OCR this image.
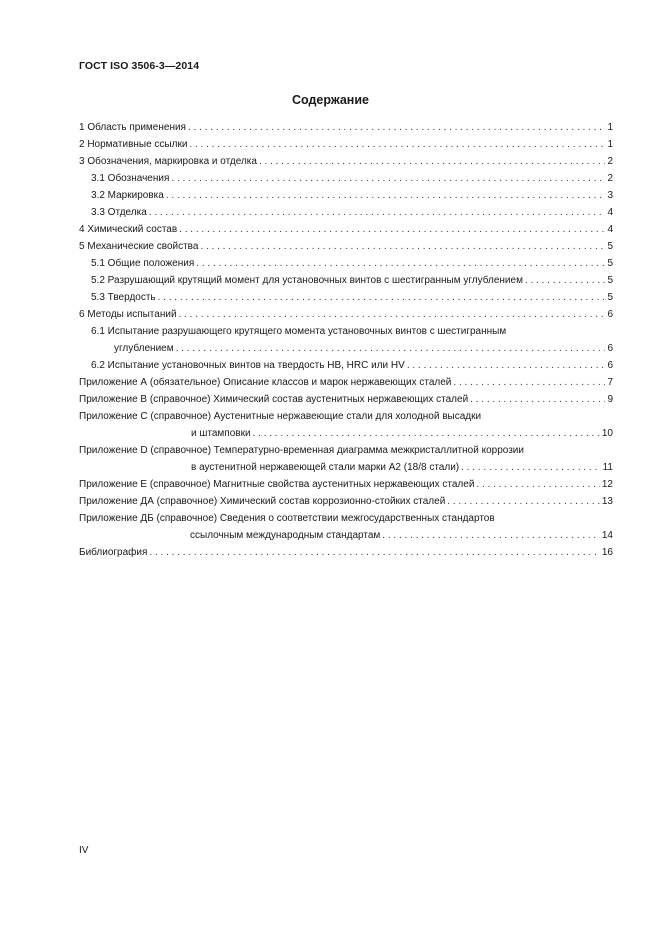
ГОСТ ISO 3506-3—2014
Содержание
1 Область применения . . .	1
2 Нормативные ссылки . . .	1
3 Обозначения, маркировка и отделка . . .	2
3.1 Обозначения . . .	2
3.2 Маркировка . . .	3
3.3 Отделка . . .	4
4 Химический состав . . .	4
5 Механические свойства . . .	5
5.1 Общие положения . . .	5
5.2 Разрушающий крутящий момент для установочных винтов с шестигранным углублением . . .	5
5.3 Твердость . . .	5
6 Методы испытаний . . .	6
6.1 Испытание разрушающего крутящего момента установочных винтов с шестигранным
углублением . . .	6
6.2 Испытание установочных винтов на твердость HB, HRC или HV . . .	6
Приложение А (обязательное) Описание классов и марок нержавеющих сталей . . .	7
Приложение В (справочное) Химический состав аустенитных нержавеющих сталей . . .	9
Приложение С (справочное) Аустенитные нержавеющие стали для холодной высадки
и штамповки . . .	10
Приложение D (справочное) Температурно-временная диаграмма межкристаллитной коррозии
в аустенитной нержавеющей стали марки А2 (18/8 стали) . . .	11
Приложение Е (справочное) Магнитные свойства аустенитных нержавеющих сталей . . .	12
Приложение ДА (справочное) Химический состав коррозионно-стойких сталей . . .	13
Приложение ДБ (справочное) Сведения о соответствии межгосударственных стандартов
ссылочным международным стандартам . . .	14
Библиография . . .	16
IV
